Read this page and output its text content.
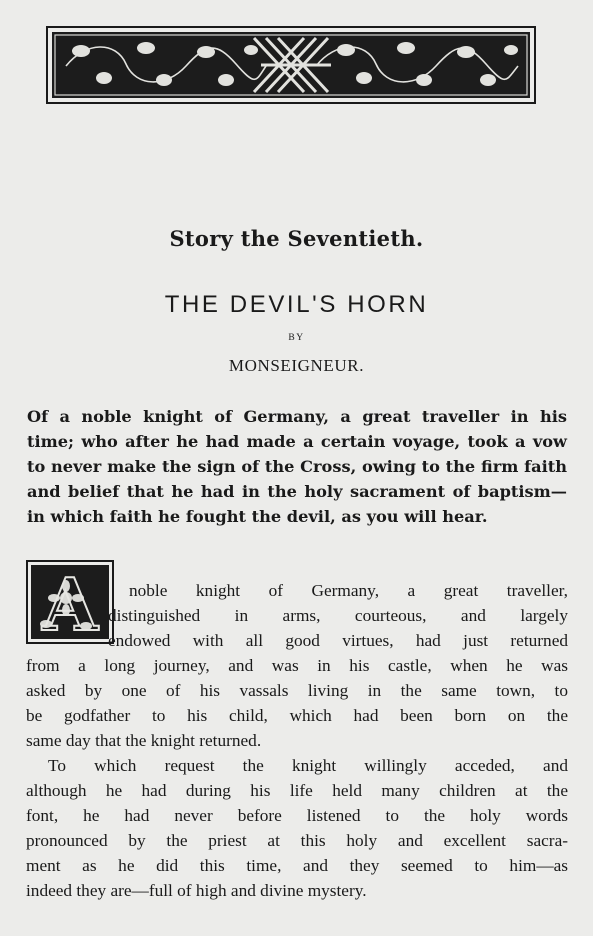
Story the Seventieth.
THE DEVIL'S HORN
BY
MONSEIGNEUR.
Of a noble knight of Germany, a great traveller in his
time; who after he had made a certain voyage, took a vow
to never make the sign of the Cross, owing to the firm faith
and belief that he had in the holy sacrament of baptism—
in which faith he fought the devil, as you will hear.
A	noble knight of Germany, a great traveller,
distinguished in arms, courteous, and largely
endowed with all good virtues, had just returned
from a long journey, and was in his castle, when he was
asked by one of his vassals living in the same town, to
be godfather to his child, which had been born on the
same day that the knight returned.
To which request the knight willingly acceded, and
although he had during his life held many children at the
font, he had never before listened to the holy words
pronounced by the priest at this holy and excellent sacra-
ment as he did this time, and they seemed to him—as
indeed they are—full of high and divine mystery.
